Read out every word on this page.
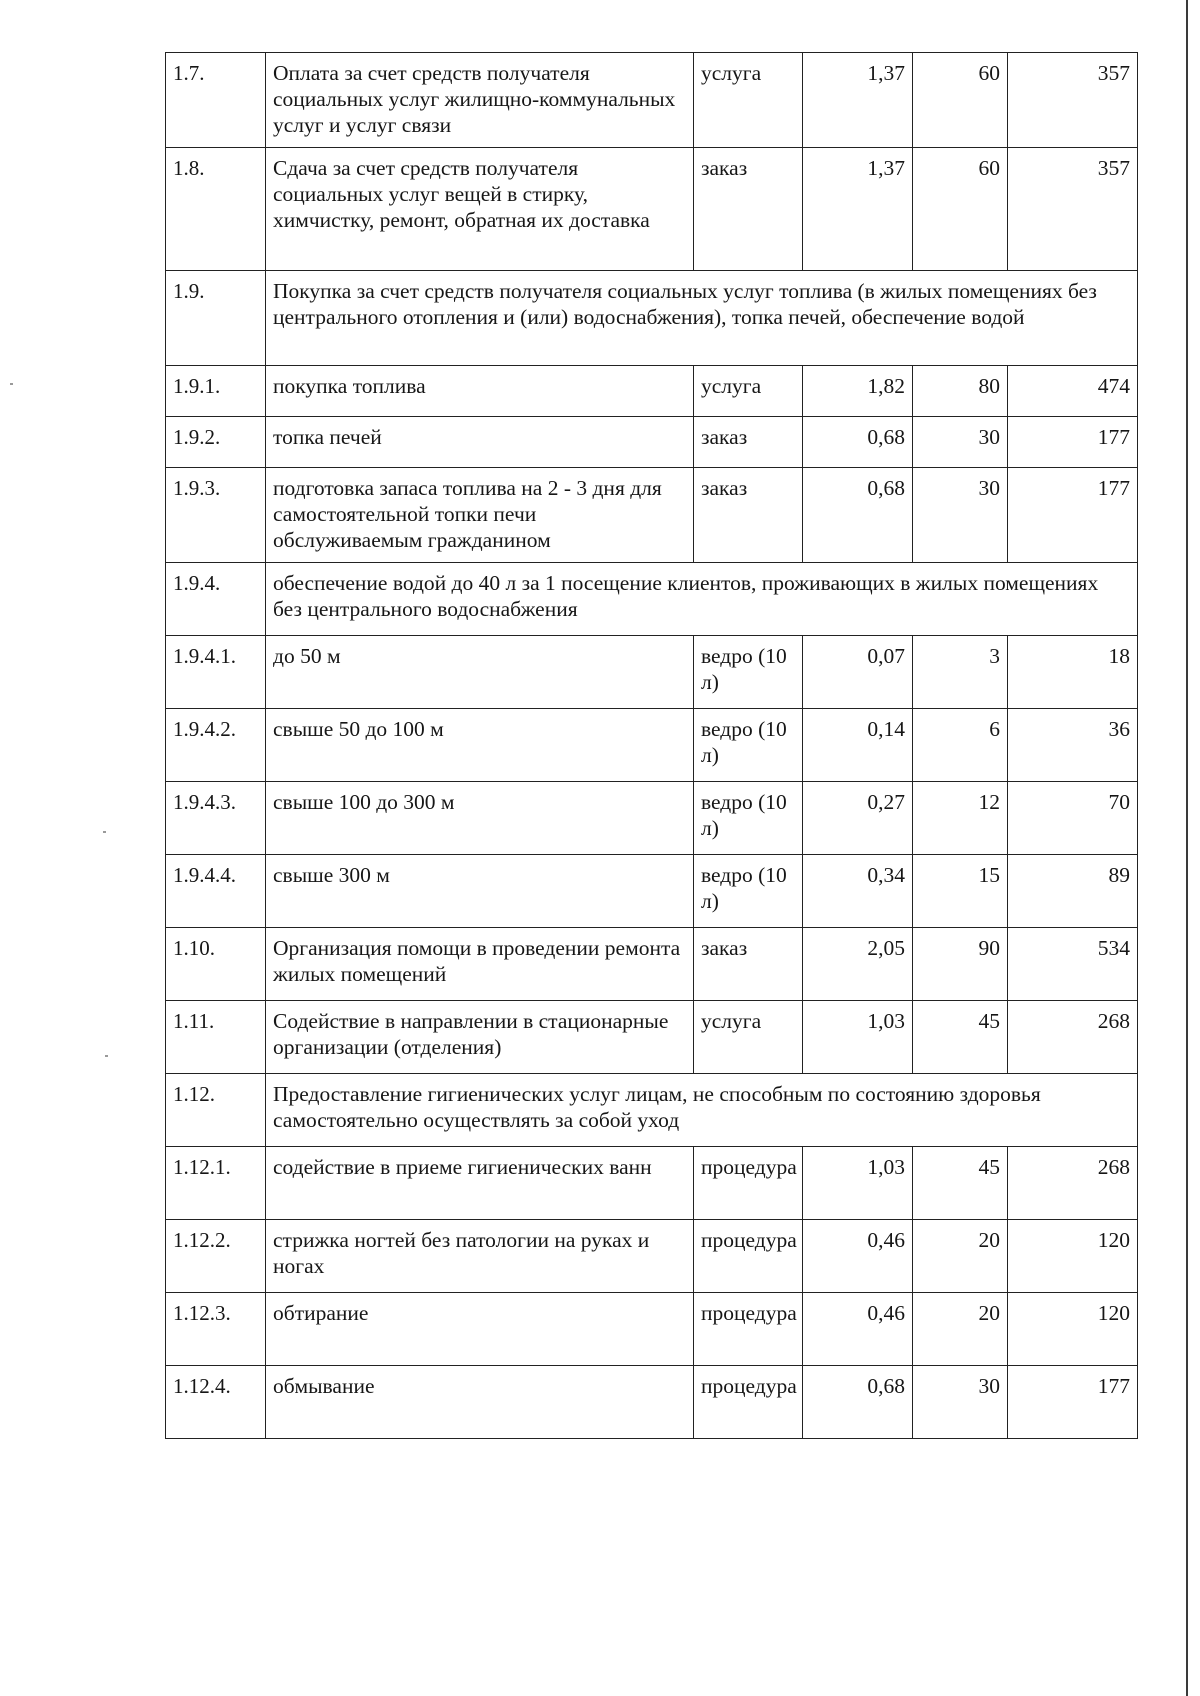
1.7.	Оплата за счет средств получателя социальных услуг жилищно-коммунальных услуг и услуг связи	услуга	1,37	60	357
1.8.	Сдача за счет средств получателя социальных услуг вещей в стирку, химчистку, ремонт, обратная их доставка	заказ	1,37	60	357
1.9.	Покупка за счет средств получателя социальных услуг топлива (в жилых помещениях без центрального отопления и (или) водоснабжения), топка печей, обеспечение водой				
1.9.1.	покупка топлива	услуга	1,82	80	474
1.9.2.	топка печей	заказ	0,68	30	177
1.9.3.	подготовка запаса топлива на 2 - 3 дня для самостоятельной топки печи обслуживаемым гражданином	заказ	0,68	30	177
1.9.4.	обеспечение водой до 40 л за 1 посещение клиентов, проживающих в жилых помещениях без центрального водоснабжения				
1.9.4.1.	до 50 м	ведро (10 л)	0,07	3	18
1.9.4.2.	свыше 50 до 100 м	ведро (10 л)	0,14	6	36
1.9.4.3.	свыше 100 до 300 м	ведро (10 л)	0,27	12	70
1.9.4.4.	свыше 300 м	ведро (10 л)	0,34	15	89
1.10.	Организация помощи в проведении ремонта жилых помещений	заказ	2,05	90	534
1.11.	Содействие в направлении в стационарные организации (отделения)	услуга	1,03	45	268
1.12.	Предоставление гигиенических услуг лицам, не способным по состоянию здоровья самостоятельно осуществлять за собой уход				
1.12.1.	содействие в приеме гигиенических ванн	процедура	1,03	45	268
1.12.2.	стрижка ногтей без патологии на руках и ногах	процедура	0,46	20	120
1.12.3.	обтирание	процедура	0,46	20	120
1.12.4.	обмывание	процедура	0,68	30	177
